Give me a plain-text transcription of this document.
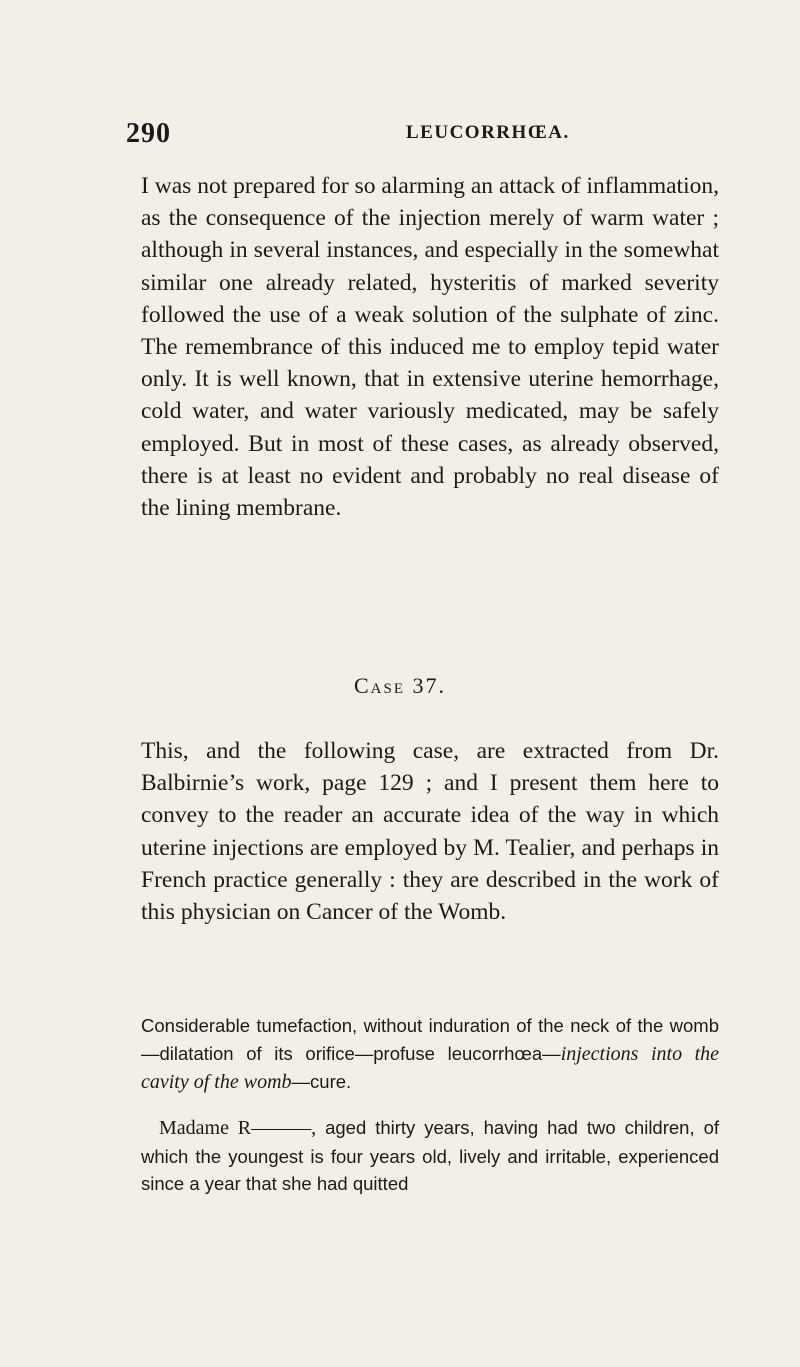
290	LEUCORRHŒA.

I was not prepared for so alarming an attack of inflammation, as the consequence of the injection merely of warm water ; although in several instances, and especially in the somewhat similar one already related, hysteritis of marked severity followed the use of a weak solution of the sulphate of zinc. The remembrance of this induced me to employ tepid water only. It is well known, that in extensive uterine hemorrhage, cold water, and water variously medicated, may be safely employed. But in most of these cases, as already observed, there is at least no evident and probably no real disease of the lining membrane.

Case 37.

This, and the following case, are extracted from Dr. Balbirnie’s work, page 129 ; and I present them here to convey to the reader an accurate idea of the way in which uterine injections are employed by M. Tealier, and perhaps in French practice generally : they are described in the work of this physician on Cancer of the Womb.

Considerable tumefaction, without induration of the neck of the womb—dilatation of its orifice—profuse leucorrhœa—injections into the cavity of the womb—cure.

Madame R———, aged thirty years, having had two children, of which the youngest is four years old, lively and irritable, experienced since a year that she had quitted
